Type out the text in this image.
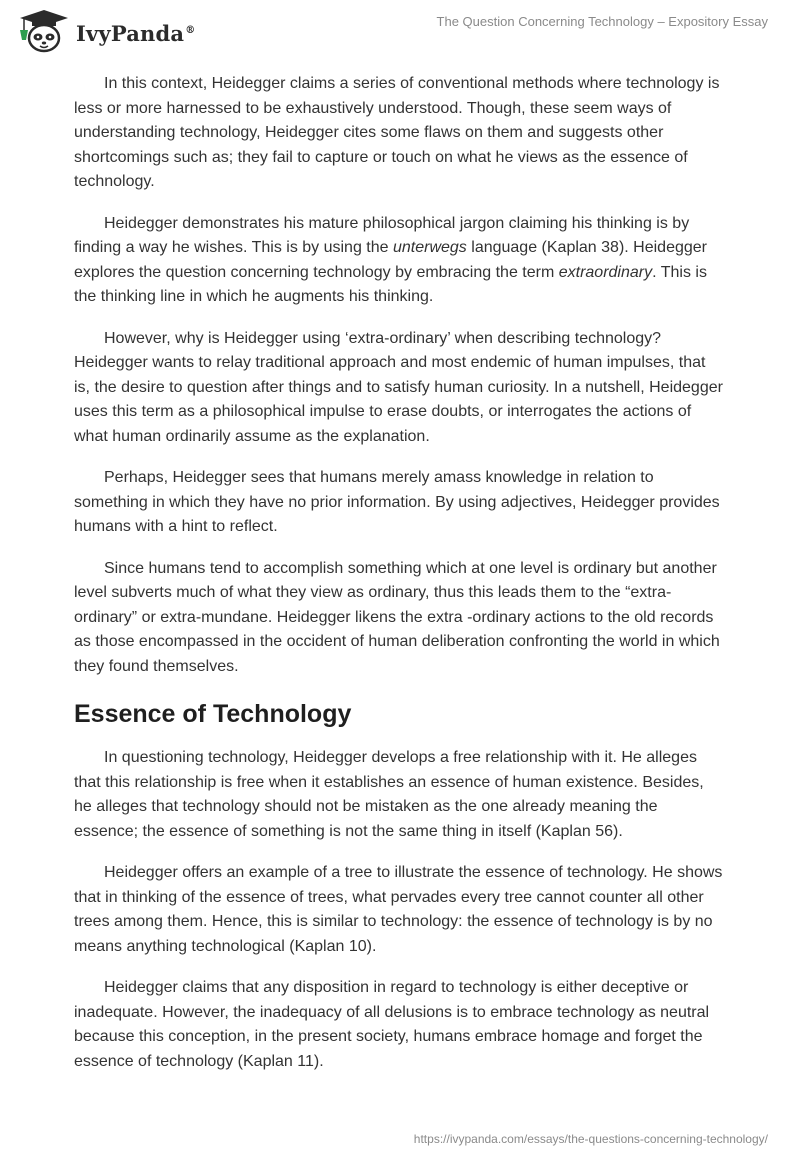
IvyPanda®
The Question Concerning Technology – Expository Essay

In this context, Heidegger claims a series of conventional methods where technology is less or more harnessed to be exhaustively understood. Though, these seem ways of understanding technology, Heidegger cites some flaws on them and suggests other shortcomings such as; they fail to capture or touch on what he views as the essence of technology.

Heidegger demonstrates his mature philosophical jargon claiming his thinking is by finding a way he wishes. This is by using the unterwegs language (Kaplan 38). Heidegger explores the question concerning technology by embracing the term extraordinary. This is the thinking line in which he augments his thinking.

However, why is Heidegger using ‘extra-ordinary’ when describing technology? Heidegger wants to relay traditional approach and most endemic of human impulses, that is, the desire to question after things and to satisfy human curiosity. In a nutshell, Heidegger uses this term as a philosophical impulse to erase doubts, or interrogates the actions of what human ordinarily assume as the explanation.

Perhaps, Heidegger sees that humans merely amass knowledge in relation to something in which they have no prior information. By using adjectives, Heidegger provides humans with a hint to reflect.

Since humans tend to accomplish something which at one level is ordinary but another level subverts much of what they view as ordinary, thus this leads them to the “extra-ordinary” or extra-mundane. Heidegger likens the extra -ordinary actions to the old records as those encompassed in the occident of human deliberation confronting the world in which they found themselves.

Essence of Technology

In questioning technology, Heidegger develops a free relationship with it. He alleges that this relationship is free when it establishes an essence of human existence. Besides, he alleges that technology should not be mistaken as the one already meaning the essence; the essence of something is not the same thing in itself (Kaplan 56).

Heidegger offers an example of a tree to illustrate the essence of technology. He shows that in thinking of the essence of trees, what pervades every tree cannot counter all other trees among them. Hence, this is similar to technology: the essence of technology is by no means anything technological (Kaplan 10).

Heidegger claims that any disposition in regard to technology is either deceptive or inadequate. However, the inadequacy of all delusions is to embrace technology as neutral because this conception, in the present society, humans embrace homage and forget the essence of technology (Kaplan 11).

https://ivypanda.com/essays/the-questions-concerning-technology/
